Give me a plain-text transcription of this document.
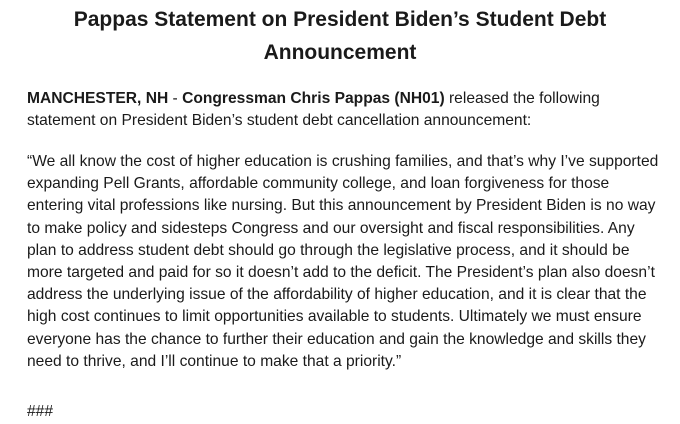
Pappas Statement on President Biden’s Student Debt Announcement

MANCHESTER, NH - Congressman Chris Pappas (NH01) released the following statement on President Biden’s student debt cancellation announcement:

“We all know the cost of higher education is crushing families, and that’s why I’ve supported expanding Pell Grants, affordable community college, and loan forgiveness for those entering vital professions like nursing. But this announcement by President Biden is no way to make policy and sidesteps Congress and our oversight and fiscal responsibilities. Any plan to address student debt should go through the legislative process, and it should be more targeted and paid for so it doesn’t add to the deficit. The President’s plan also doesn’t address the underlying issue of the affordability of higher education, and it is clear that the high cost continues to limit opportunities available to students. Ultimately we must ensure everyone has the chance to further their education and gain the knowledge and skills they need to thrive, and I’ll continue to make that a priority.”

###
